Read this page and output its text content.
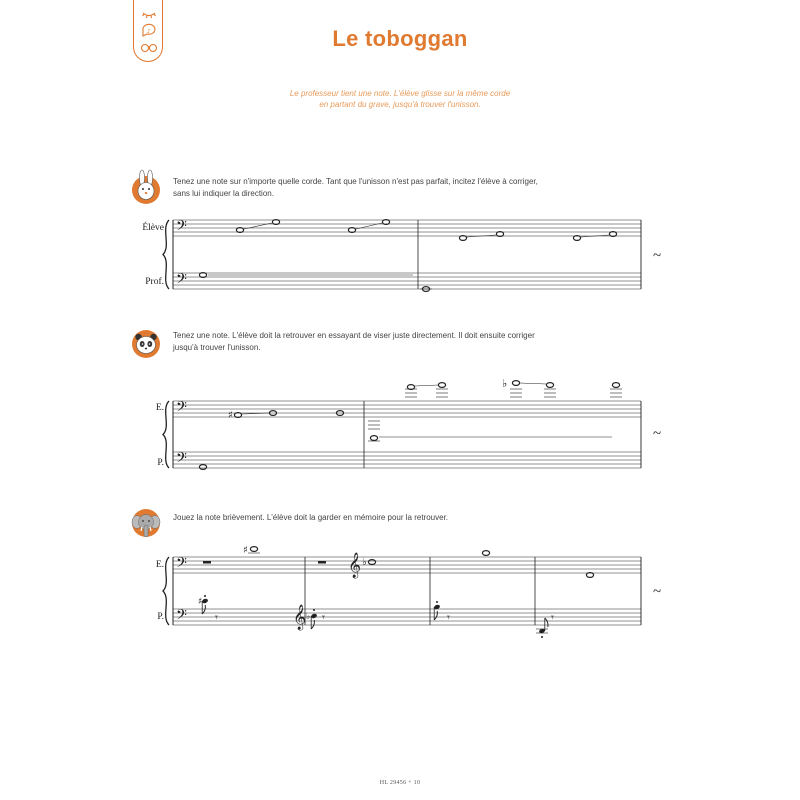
♪	Le toboggan
Le professeur tient une note. L'élève glisse sur la même corde
en partant du grave, jusqu'à trouver l'unisson.
Tenez une note sur n'importe quelle corde. Tant que l'unisson n'est pas parfait, incitez l'élève à corriger,
sans lui indiquer la direction.
Élève
Prof.
~
Tenez une note. L'élève doit la retrouver en essayant de viser juste directement. Il doit ensuite corriger
jusqu'à trouver l'unisson.
E.
P.
~
Jouez la note brièvement. L'élève doit la garder en mémoire pour la retrouver.
E.
P.
~
𝄢
𝄢
𝄢
𝄢
♯
♭
𝄢
𝄢
♯
𝄞 ♭
♯
𝄾	𝄞 ♭ 𝄾	𝄾	𝄾
HL 29456 + 10
